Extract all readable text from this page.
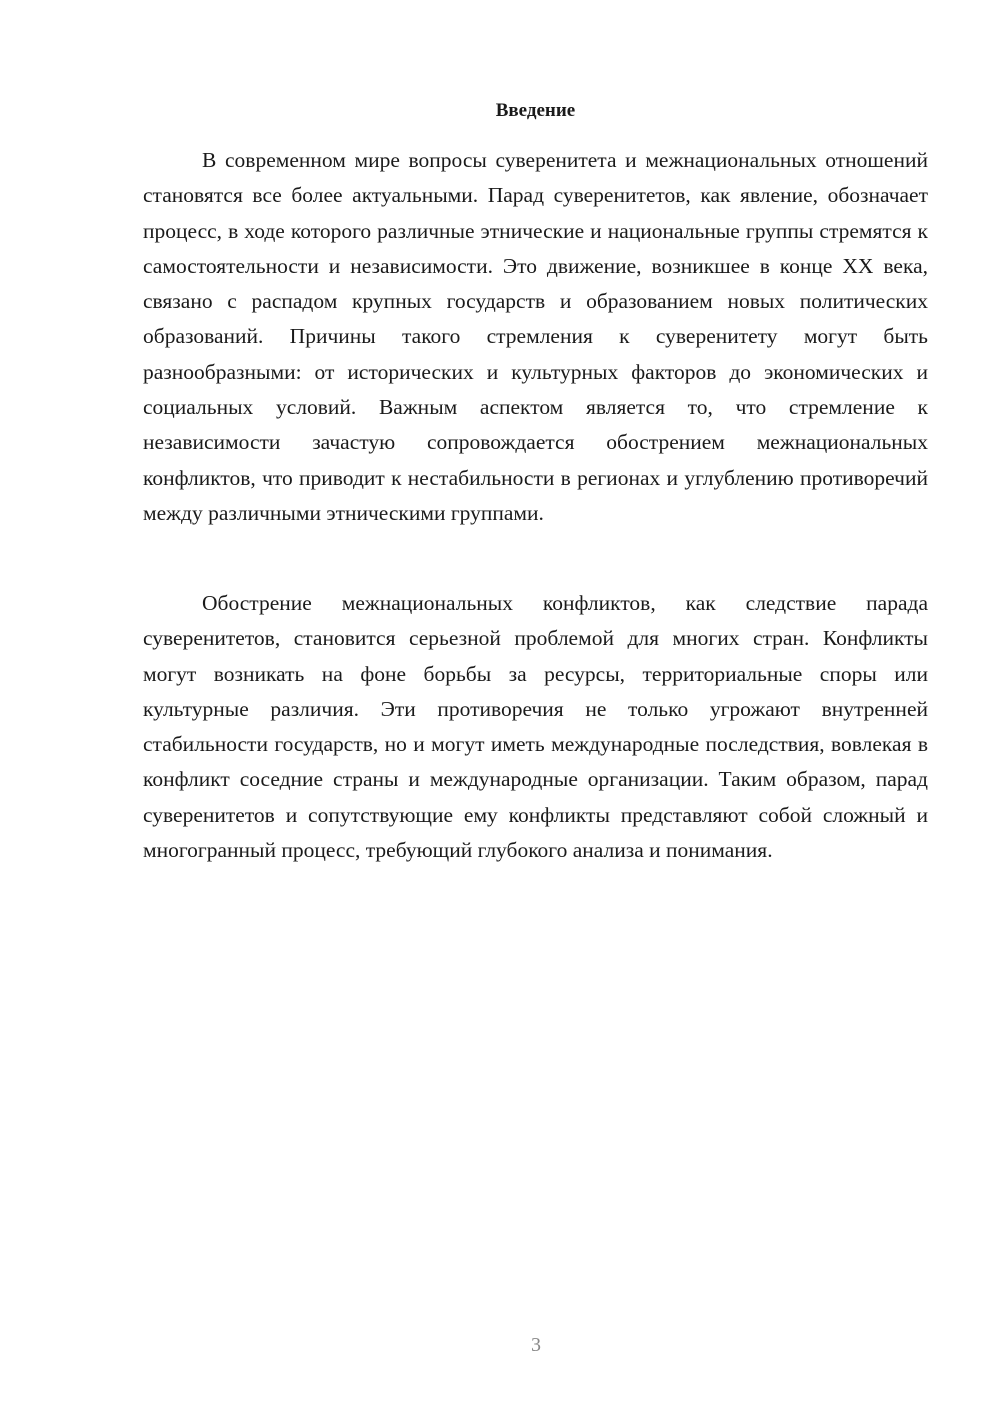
Введение

В современном мире вопросы суверенитета и межнациональных отношений становятся все более актуальными. Парад суверенитетов, как явление, обозначает процесс, в ходе которого различные этнические и национальные группы стремятся к самостоятельности и независимости. Это движение, возникшее в конце XX века, связано с распадом крупных государств и образованием новых политических образований. Причины такого стремления к суверенитету могут быть разнообразными: от исторических и культурных факторов до экономических и социальных условий. Важным аспектом является то, что стремление к независимости зачастую сопровождается обострением межнациональных конфликтов, что приводит к нестабильности в регионах и углублению противоречий между различными этническими группами.

Обострение межнациональных конфликтов, как следствие парада суверенитетов, становится серьезной проблемой для многих стран. Конфликты могут возникать на фоне борьбы за ресурсы, территориальные споры или культурные различия. Эти противоречия не только угрожают внутренней стабильности государств, но и могут иметь международные последствия, вовлекая в конфликт соседние страны и международные организации. Таким образом, парад суверенитетов и сопутствующие ему конфликты представляют собой сложный и многогранный процесс, требующий глубокого анализа и понимания.

3
